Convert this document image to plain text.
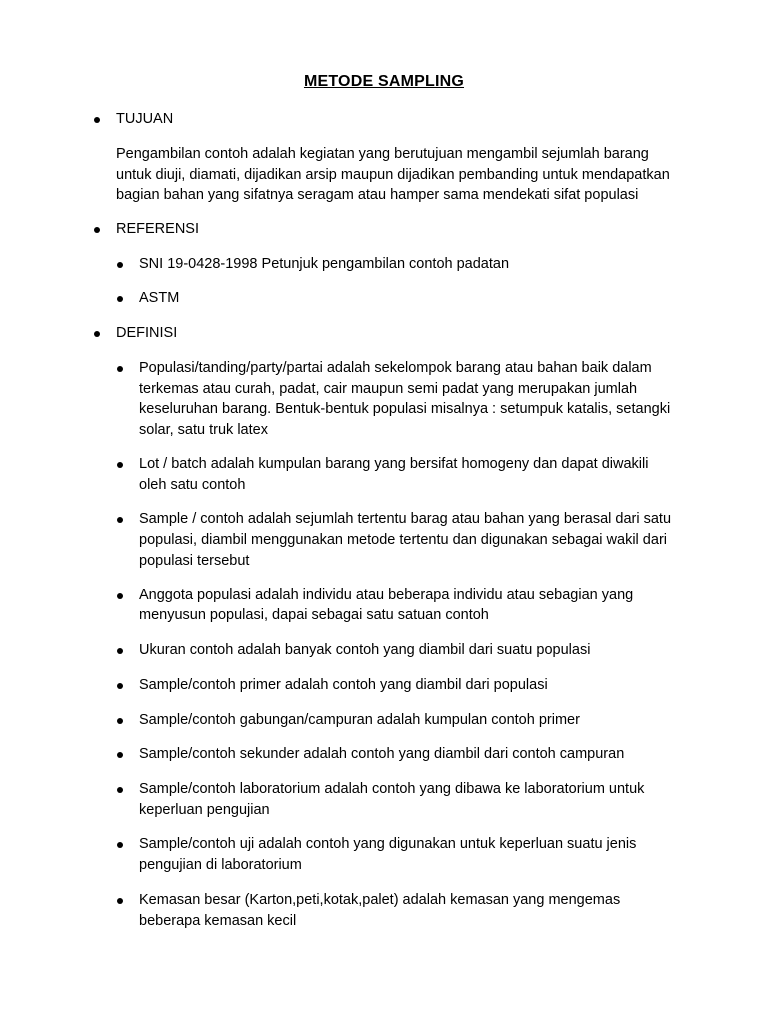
METODE SAMPLING
TUJUAN
Pengambilan contoh adalah kegiatan yang berutujuan mengambil sejumlah barang
untuk diuji, diamati, dijadikan arsip maupun dijadikan pembanding untuk mendapatkan
bagian bahan yang sifatnya seragam atau hamper sama mendekati sifat populasi
REFERENSI
SNI 19-0428-1998 Petunjuk pengambilan contoh padatan
ASTM
DEFINISI
Populasi/tanding/party/partai adalah sekelompok barang atau bahan baik dalam
terkemas atau curah, padat, cair maupun semi padat yang merupakan jumlah
keseluruhan barang. Bentuk-bentuk populasi misalnya : setumpuk katalis, setangki
solar, satu truk latex
Lot / batch adalah kumpulan barang yang bersifat homogeny dan dapat diwakili
oleh satu contoh
Sample / contoh adalah sejumlah tertentu barag atau bahan yang berasal dari satu
populasi, diambil menggunakan metode tertentu dan digunakan sebagai wakil dari
populasi tersebut
Anggota populasi adalah individu atau beberapa individu atau sebagian yang
menyusun populasi, dapai sebagai satu satuan contoh
Ukuran contoh adalah banyak contoh yang diambil dari suatu populasi
Sample/contoh primer adalah contoh yang diambil dari populasi
Sample/contoh gabungan/campuran adalah kumpulan contoh primer
Sample/contoh sekunder adalah contoh yang diambil dari contoh campuran
Sample/contoh laboratorium adalah contoh yang dibawa ke laboratorium untuk
keperluan pengujian
Sample/contoh uji adalah contoh yang digunakan untuk keperluan suatu jenis
pengujian di laboratorium
Kemasan besar (Karton,peti,kotak,palet) adalah kemasan yang mengemas
beberapa kemasan kecil
